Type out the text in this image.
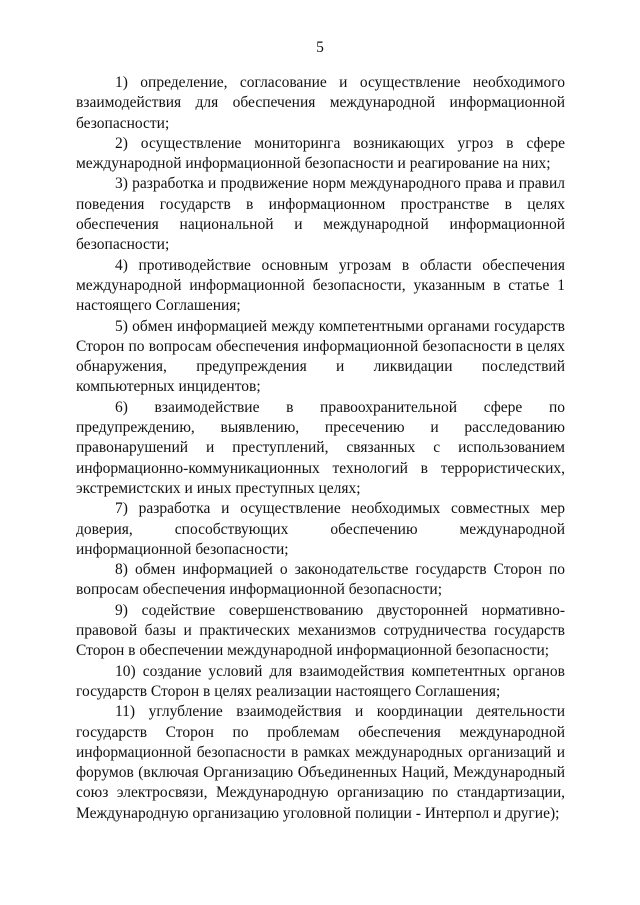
5

1) определение, согласование и осуществление необходимого взаимодействия для обеспечения международной информационной безопасности;

2) осуществление мониторинга возникающих угроз в сфере международной информационной безопасности и реагирование на них;

3) разработка и продвижение норм международного права и правил поведения государств в информационном пространстве в целях обеспечения национальной и международной информационной безопасности;

4) противодействие основным угрозам в области обеспечения международной информационной безопасности, указанным в статье 1 настоящего Соглашения;

5) обмен информацией между компетентными органами государств Сторон по вопросам обеспечения информационной безопасности в целях обнаружения, предупреждения и ликвидации последствий компьютерных инцидентов;

6) взаимодействие в правоохранительной сфере по предупреждению, выявлению, пресечению и расследованию правонарушений и преступлений, связанных с использованием информационно-коммуникационных технологий в террористических, экстремистских и иных преступных целях;

7) разработка и осуществление необходимых совместных мер доверия, способствующих обеспечению международной информационной безопасности;

8) обмен информацией о законодательстве государств Сторон по вопросам обеспечения информационной безопасности;

9) содействие совершенствованию двусторонней нормативно-правовой базы и практических механизмов сотрудничества государств Сторон в обеспечении международной информационной безопасности;

10) создание условий для взаимодействия компетентных органов государств Сторон в целях реализации настоящего Соглашения;

11) углубление взаимодействия и координации деятельности государств Сторон по проблемам обеспечения международной информационной безопасности в рамках международных организаций и форумов (включая Организацию Объединенных Наций, Международный союз электросвязи, Международную организацию по стандартизации, Международную организацию уголовной полиции - Интерпол и другие);
